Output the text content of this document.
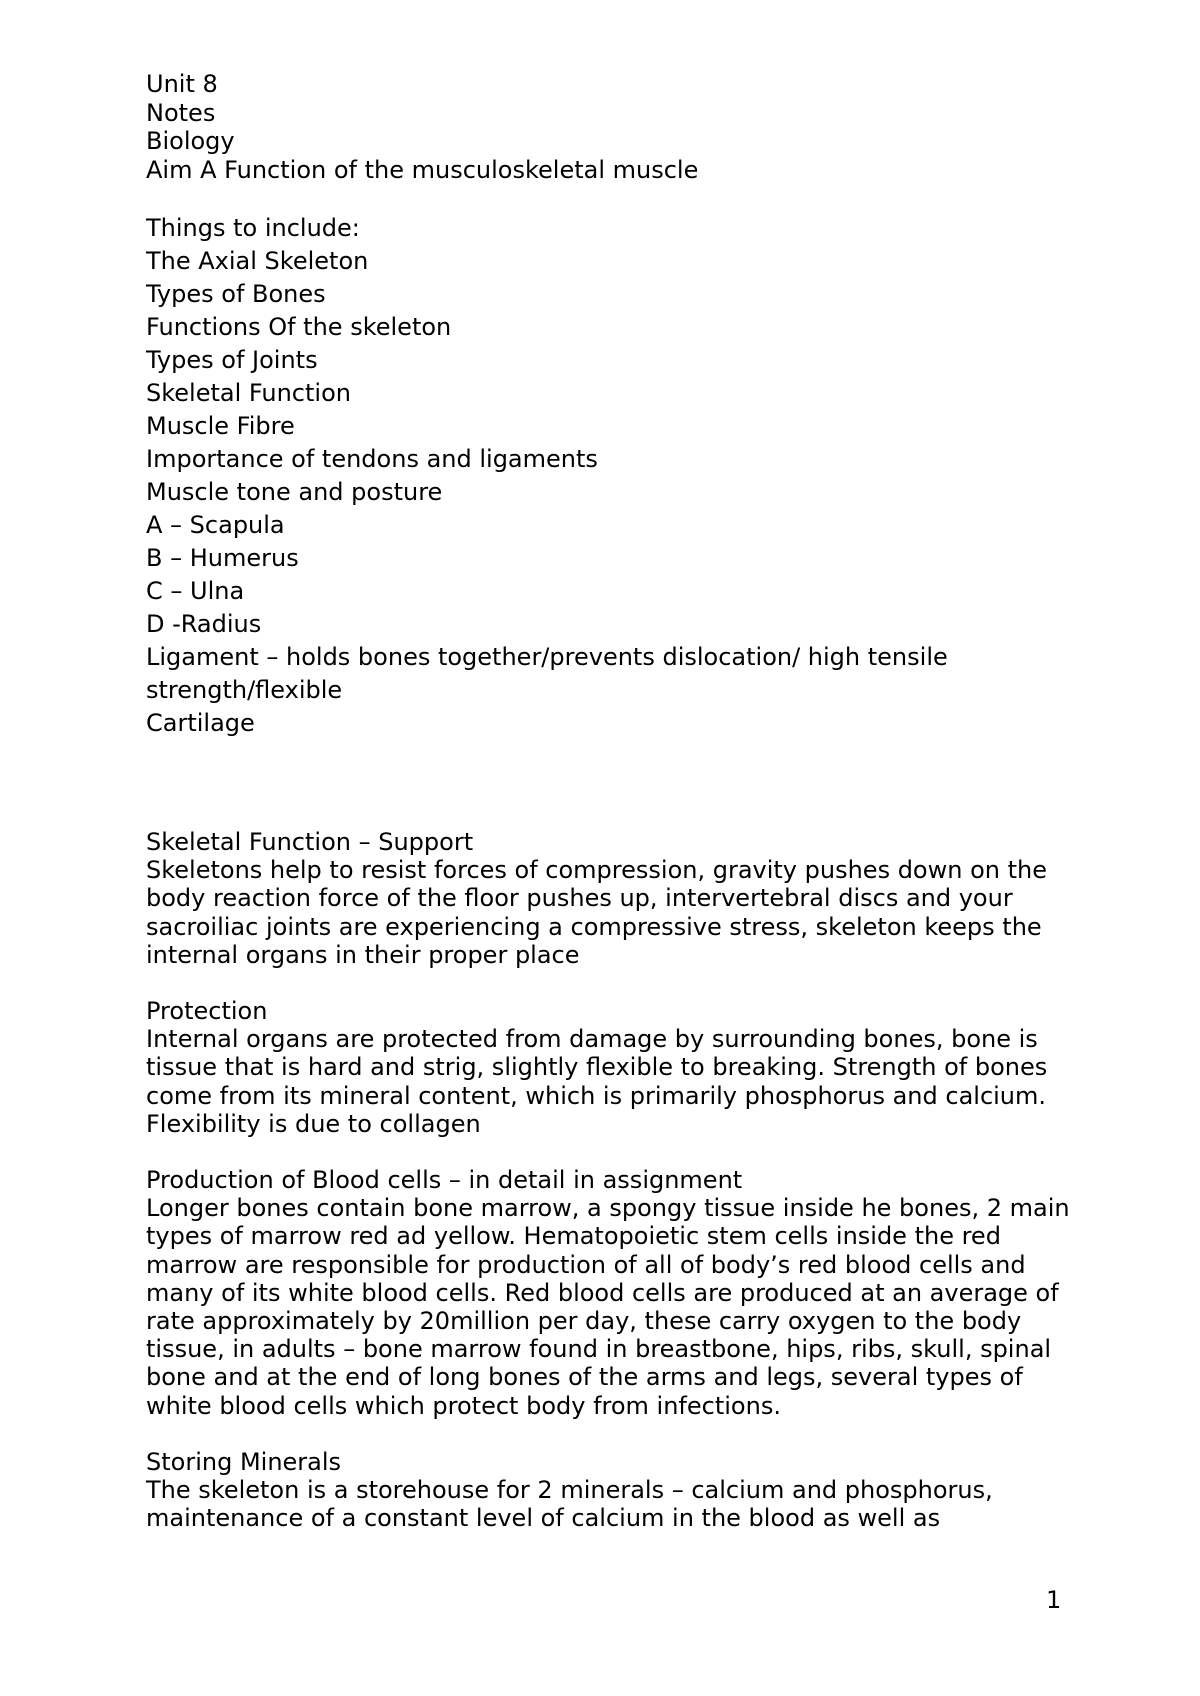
Unit 8
Notes
Biology
Aim A Function of the musculoskeletal muscle
Things to include:
The Axial Skeleton
Types of Bones
Functions Of the skeleton
Types of Joints
Skeletal Function
Muscle Fibre
Importance of tendons and ligaments
Muscle tone and posture
A – Scapula
B – Humerus
C – Ulna
D -Radius
Ligament – holds bones together/prevents dislocation/ high tensile strength/flexible
Cartilage
Skeletal Function – Support

Skeletons help to resist forces of compression, gravity pushes down on the body reaction force of the floor pushes up, intervertebral discs and your sacroiliac joints are experiencing a compressive stress, skeleton keeps the internal organs in their proper place

Protection

Internal organs are protected from damage by surrounding bones, bone is tissue that is hard and strig, slightly flexible to breaking. Strength of bones come from its mineral content, which is primarily phosphorus and calcium. Flexibility is due to collagen

Production of Blood cells – in detail in assignment

Longer bones contain bone marrow, a spongy tissue inside he bones, 2 main types of marrow red ad yellow. Hematopoietic stem cells inside the red marrow are responsible for production of all of body’s red blood cells and many of its white blood cells. Red blood cells are produced at an average of rate approximately by 20million per day, these carry oxygen to the body tissue, in adults – bone marrow found in breastbone, hips, ribs, skull, spinal bone and at the end of long bones of the arms and legs, several types of white blood cells which protect body from infections.

Storing Minerals

The skeleton is a storehouse for 2 minerals – calcium and phosphorus, maintenance of a constant level of calcium in the blood as well as

1
